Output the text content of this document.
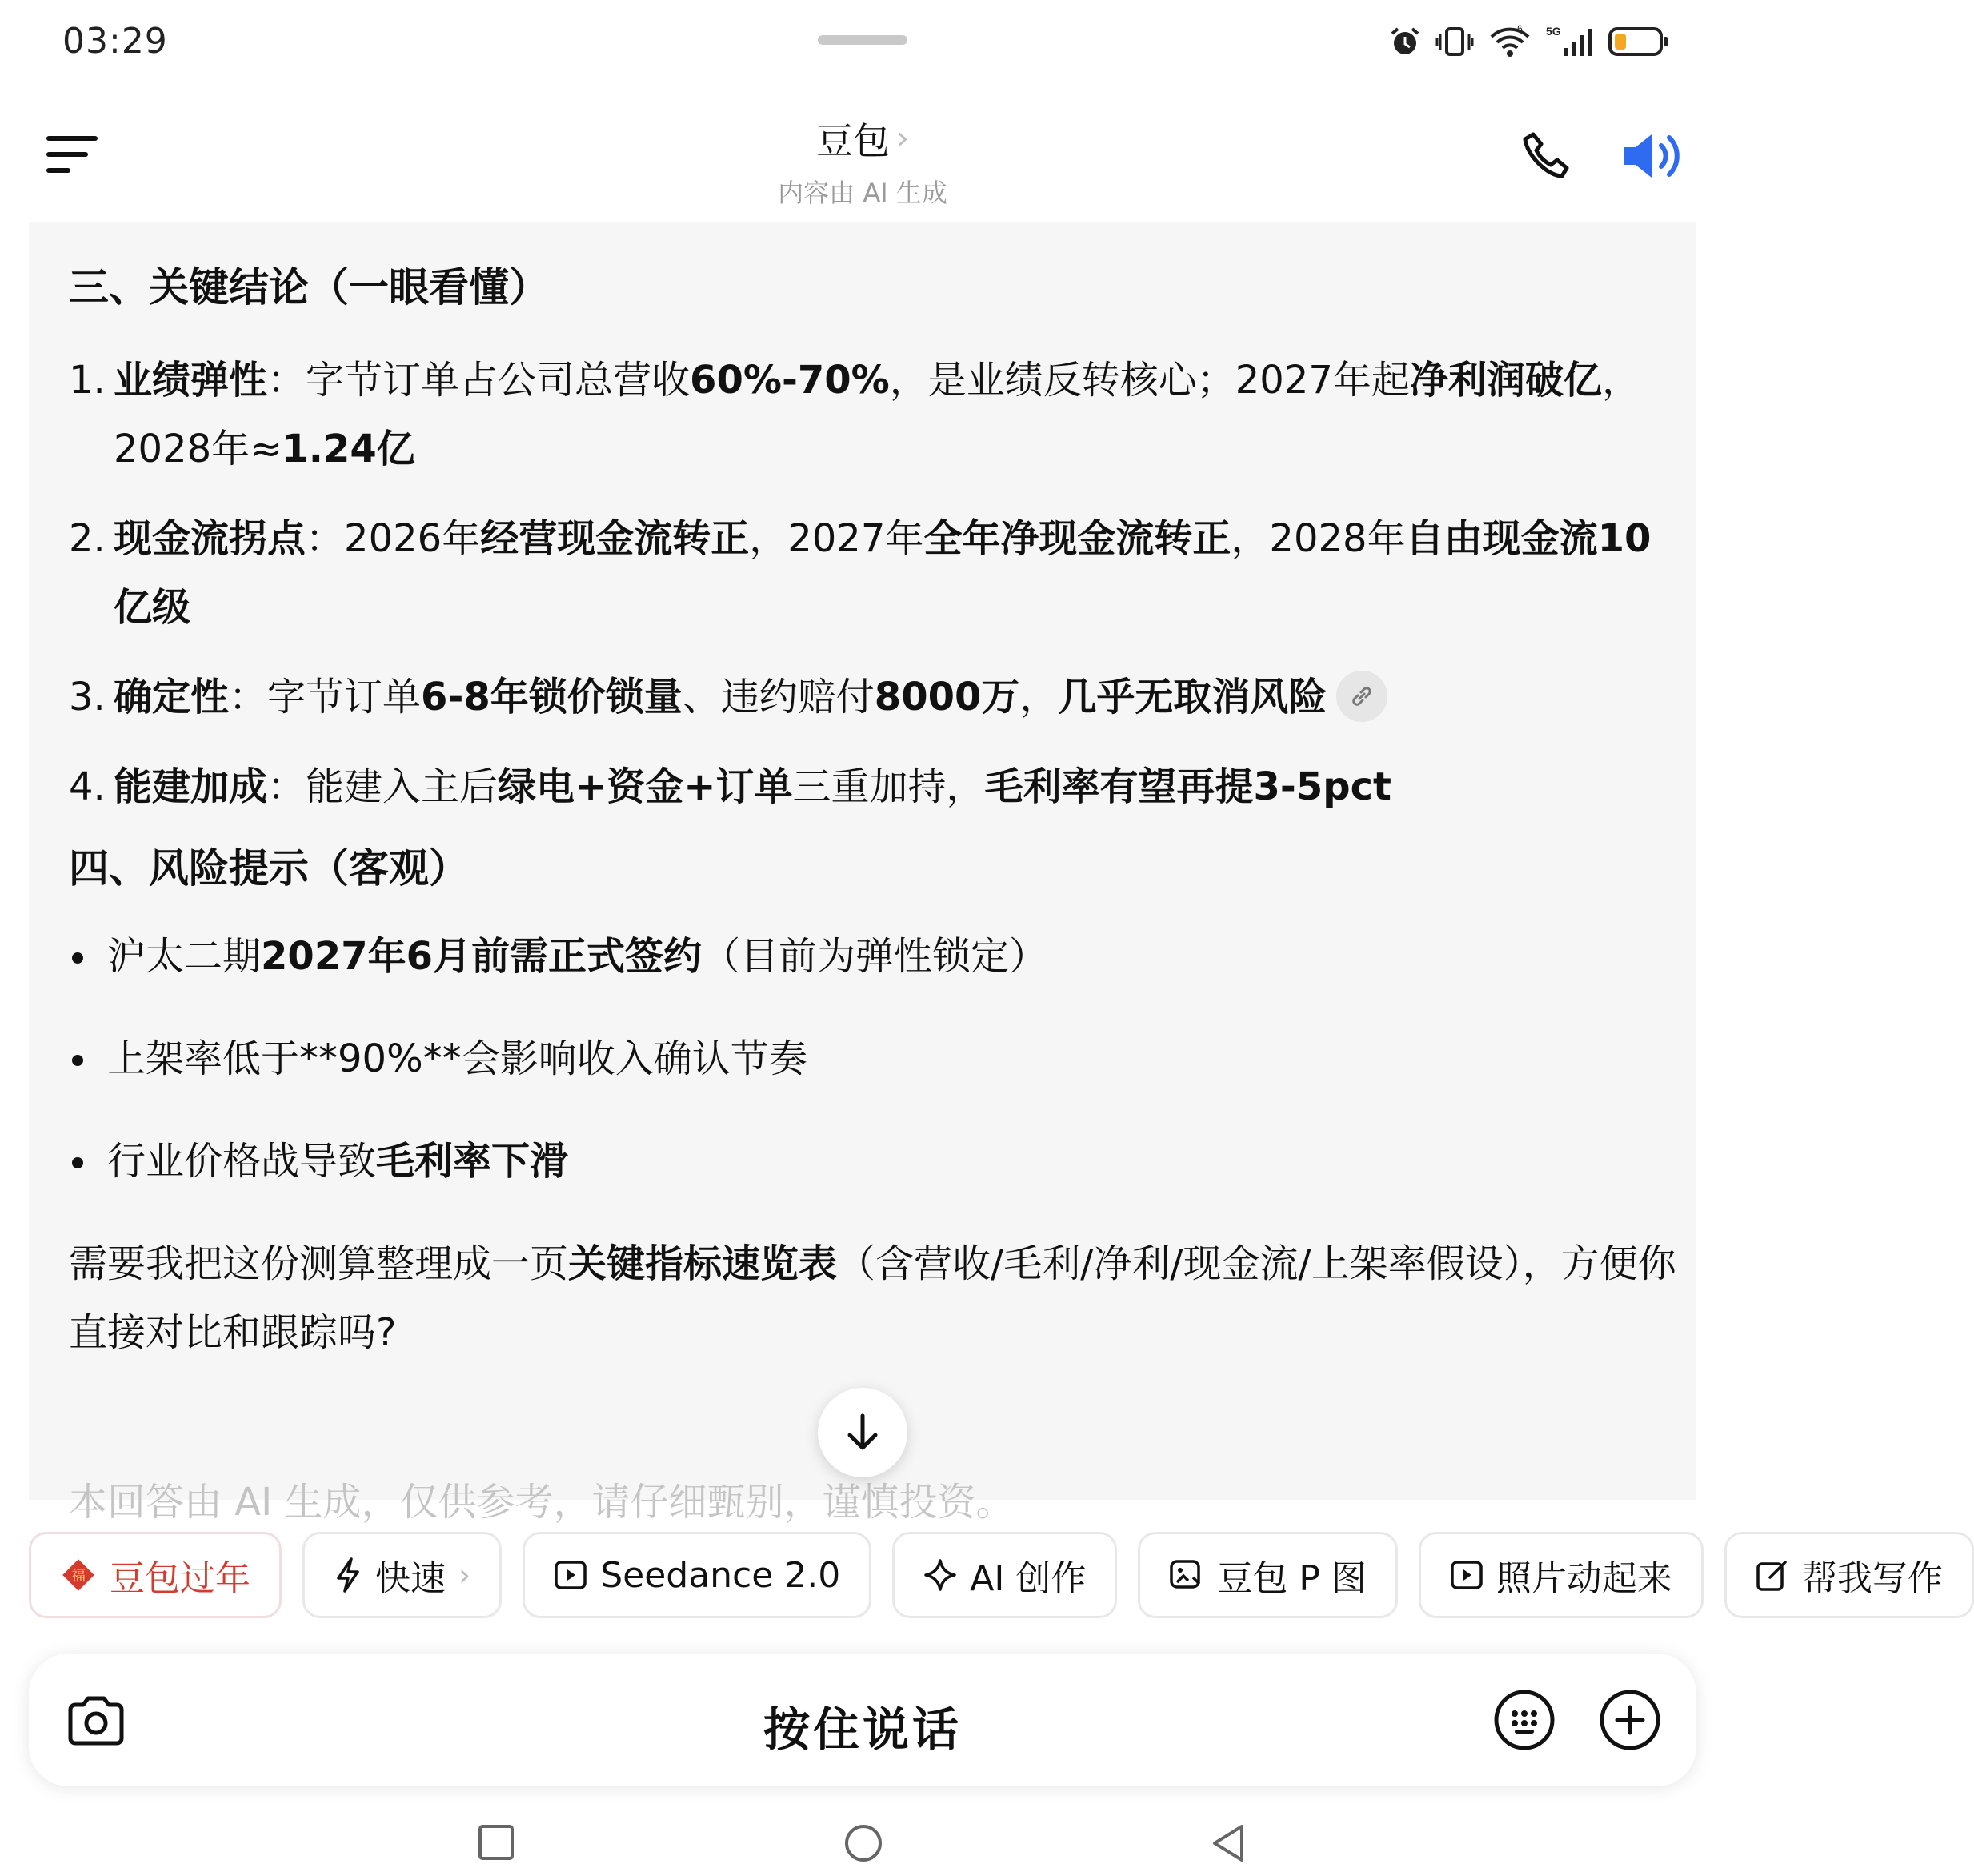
03:29	6 5G
豆包 ›
内容由 AI 生成
三、关键结论（一眼看懂）
1. 业绩弹性：字节订单占公司总营收60%-70%，是业绩反转核心；2027年起净利润破亿，2028年≈1.24亿
2. 现金流拐点：2026年经营现金流转正，2027年全年净现金流转正，2028年自由现金流10亿级
3. 确定性：字节订单6-8年锁价锁量、违约赔付8000万，几乎无取消风险
4. 能建加成：能建入主后绿电+资金+订单三重加持，毛利率有望再提3-5pct
四、风险提示（客观）
沪太二期2027年6月前需正式签约（目前为弹性锁定）
上架率低于**90%**会影响收入确认节奏
行业价格战导致毛利率下滑
需要我把这份测算整理成一页关键指标速览表（含营收/毛利/净利/现金流/上架率假设），方便你直接对比和跟踪吗?
本回答由 AI 生成，仅供参考，请仔细甄别，谨慎投资。
福 豆包过年	快速 ›	Seedance 2.0	AI 创作	豆包 P 图	照片动起来	帮我写作
按住说话
